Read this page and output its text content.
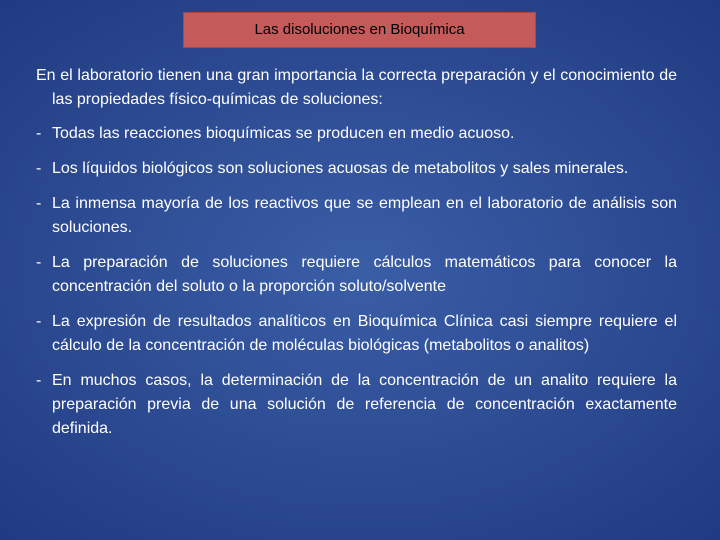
Las disoluciones en Bioquímica

En el laboratorio tienen una gran importancia la correcta preparación y el conocimiento de las propiedades físico-químicas de soluciones:

- Todas las reacciones bioquímicas se producen en medio acuoso.

- Los líquidos biológicos son soluciones acuosas de metabolitos y sales minerales.

- La inmensa mayoría de los reactivos que se emplean en el laboratorio de análisis son soluciones.

- La preparación de soluciones requiere cálculos matemáticos para conocer la concentración del soluto o la proporción soluto/solvente

- La expresión de resultados analíticos en Bioquímica Clínica casi siempre requiere el cálculo de la concentración de moléculas biológicas (metabolitos o analitos)

- En muchos casos, la determinación de la concentración de un analito requiere la preparación previa de una solución de referencia de concentración exactamente definida.
